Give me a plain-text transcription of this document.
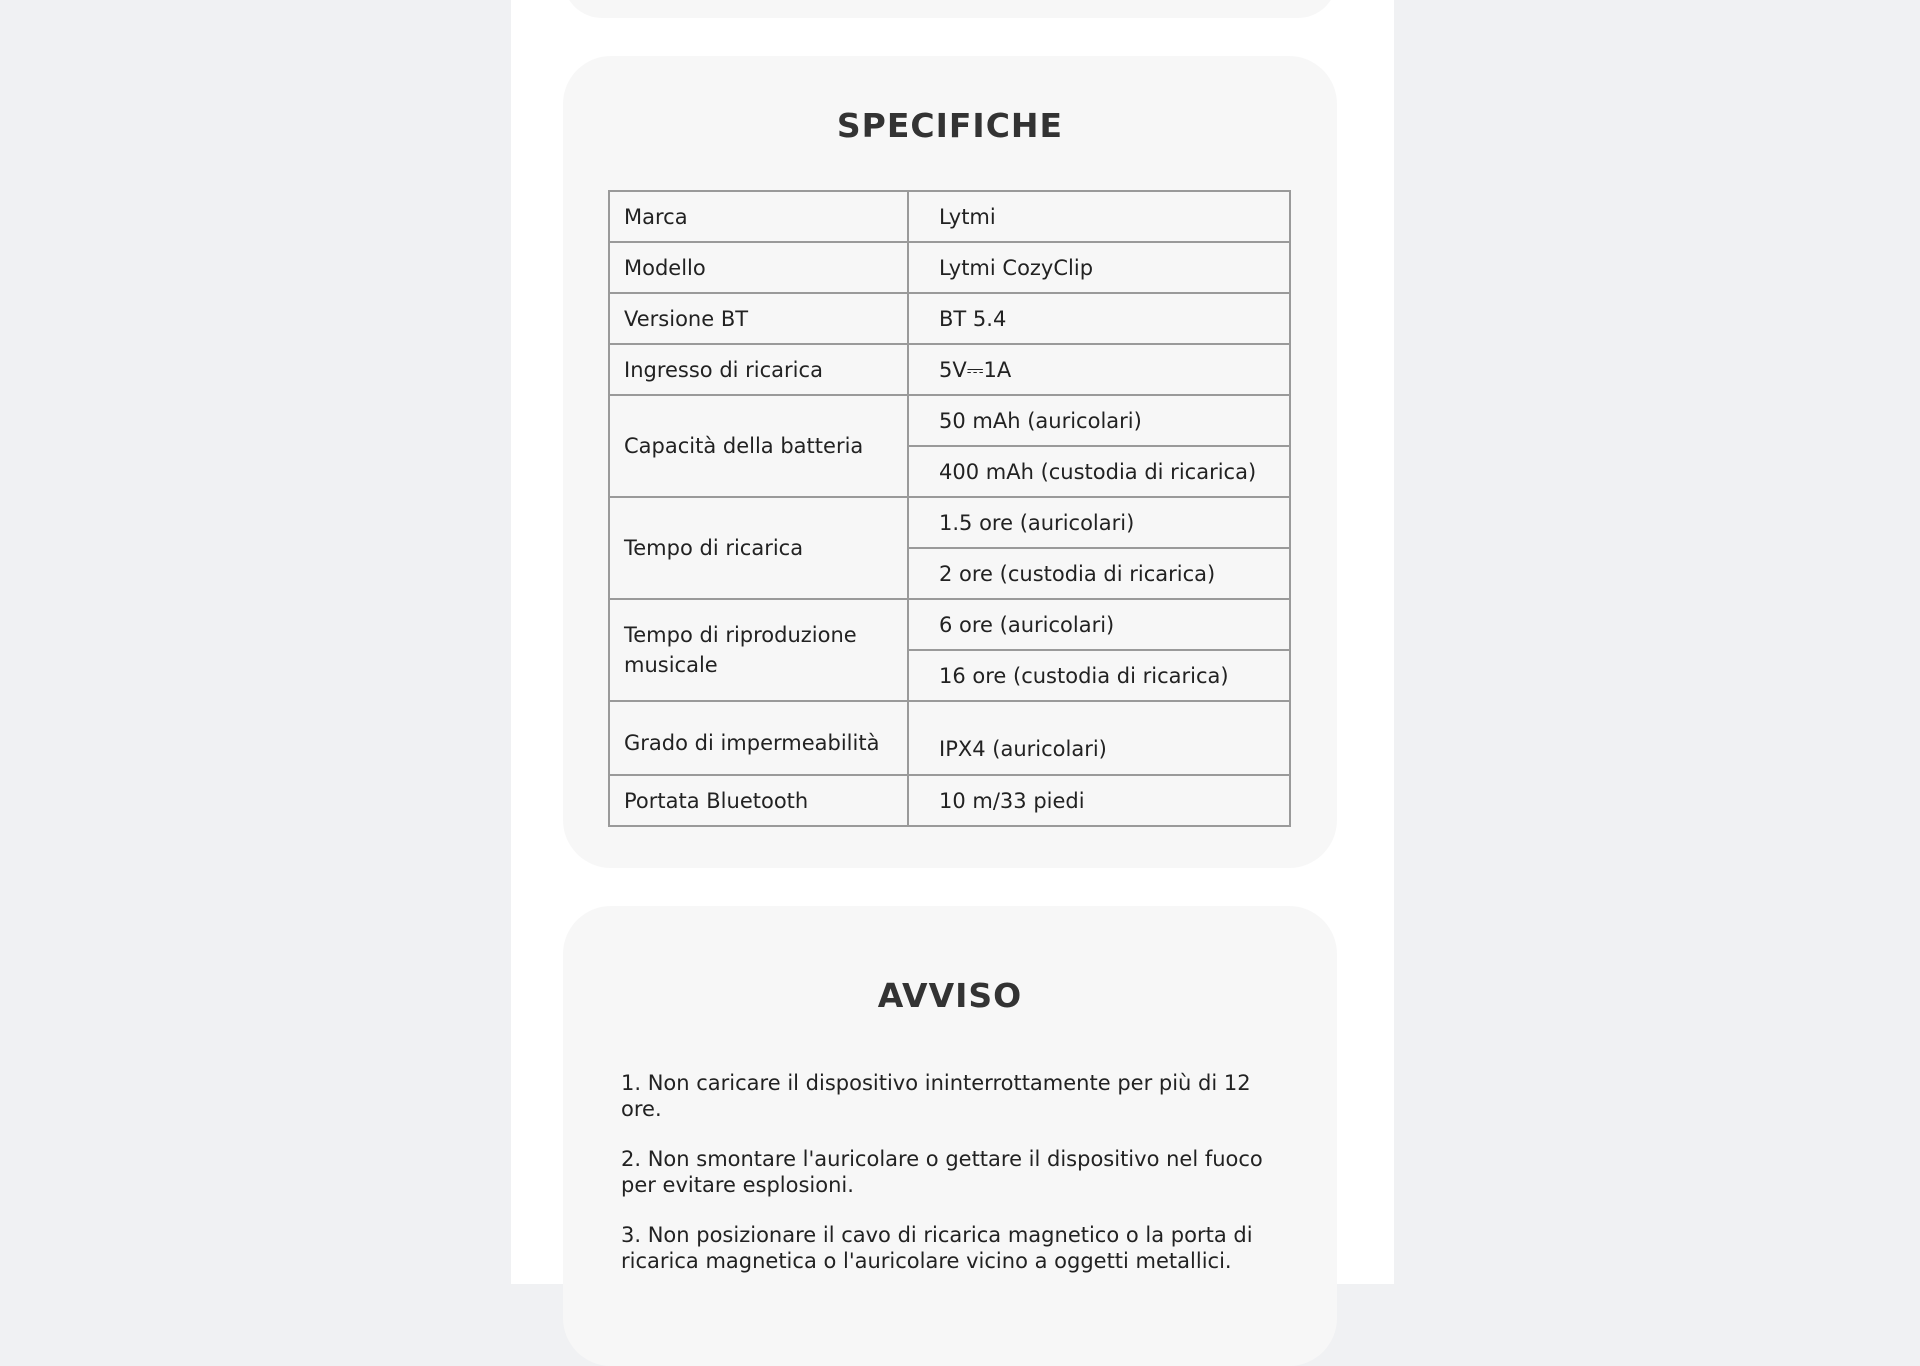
SPECIFICHE
Marca	Lytmi
Modello	Lytmi CozyClip
Versione BT	BT 5.4
Ingresso di ricarica	5V⎓1A
Capacità della batteria	50 mAh (auricolari)
	400 mAh (custodia di ricarica)
Tempo di ricarica	1.5 ore (auricolari)
	2 ore (custodia di ricarica)
Tempo di riproduzione musicale	6 ore (auricolari)
	16 ore (custodia di ricarica)
Grado di impermeabilità	IPX4 (auricolari)
Portata Bluetooth	10 m/33 piedi
AVVISO

1. Non caricare il dispositivo ininterrottamente per più di 12 ore.

2. Non smontare l'auricolare o gettare il dispositivo nel fuoco per evitare esplosioni.

3. Non posizionare il cavo di ricarica magnetico o la porta di ricarica magnetica o l'auricolare vicino a oggetti metallici.
